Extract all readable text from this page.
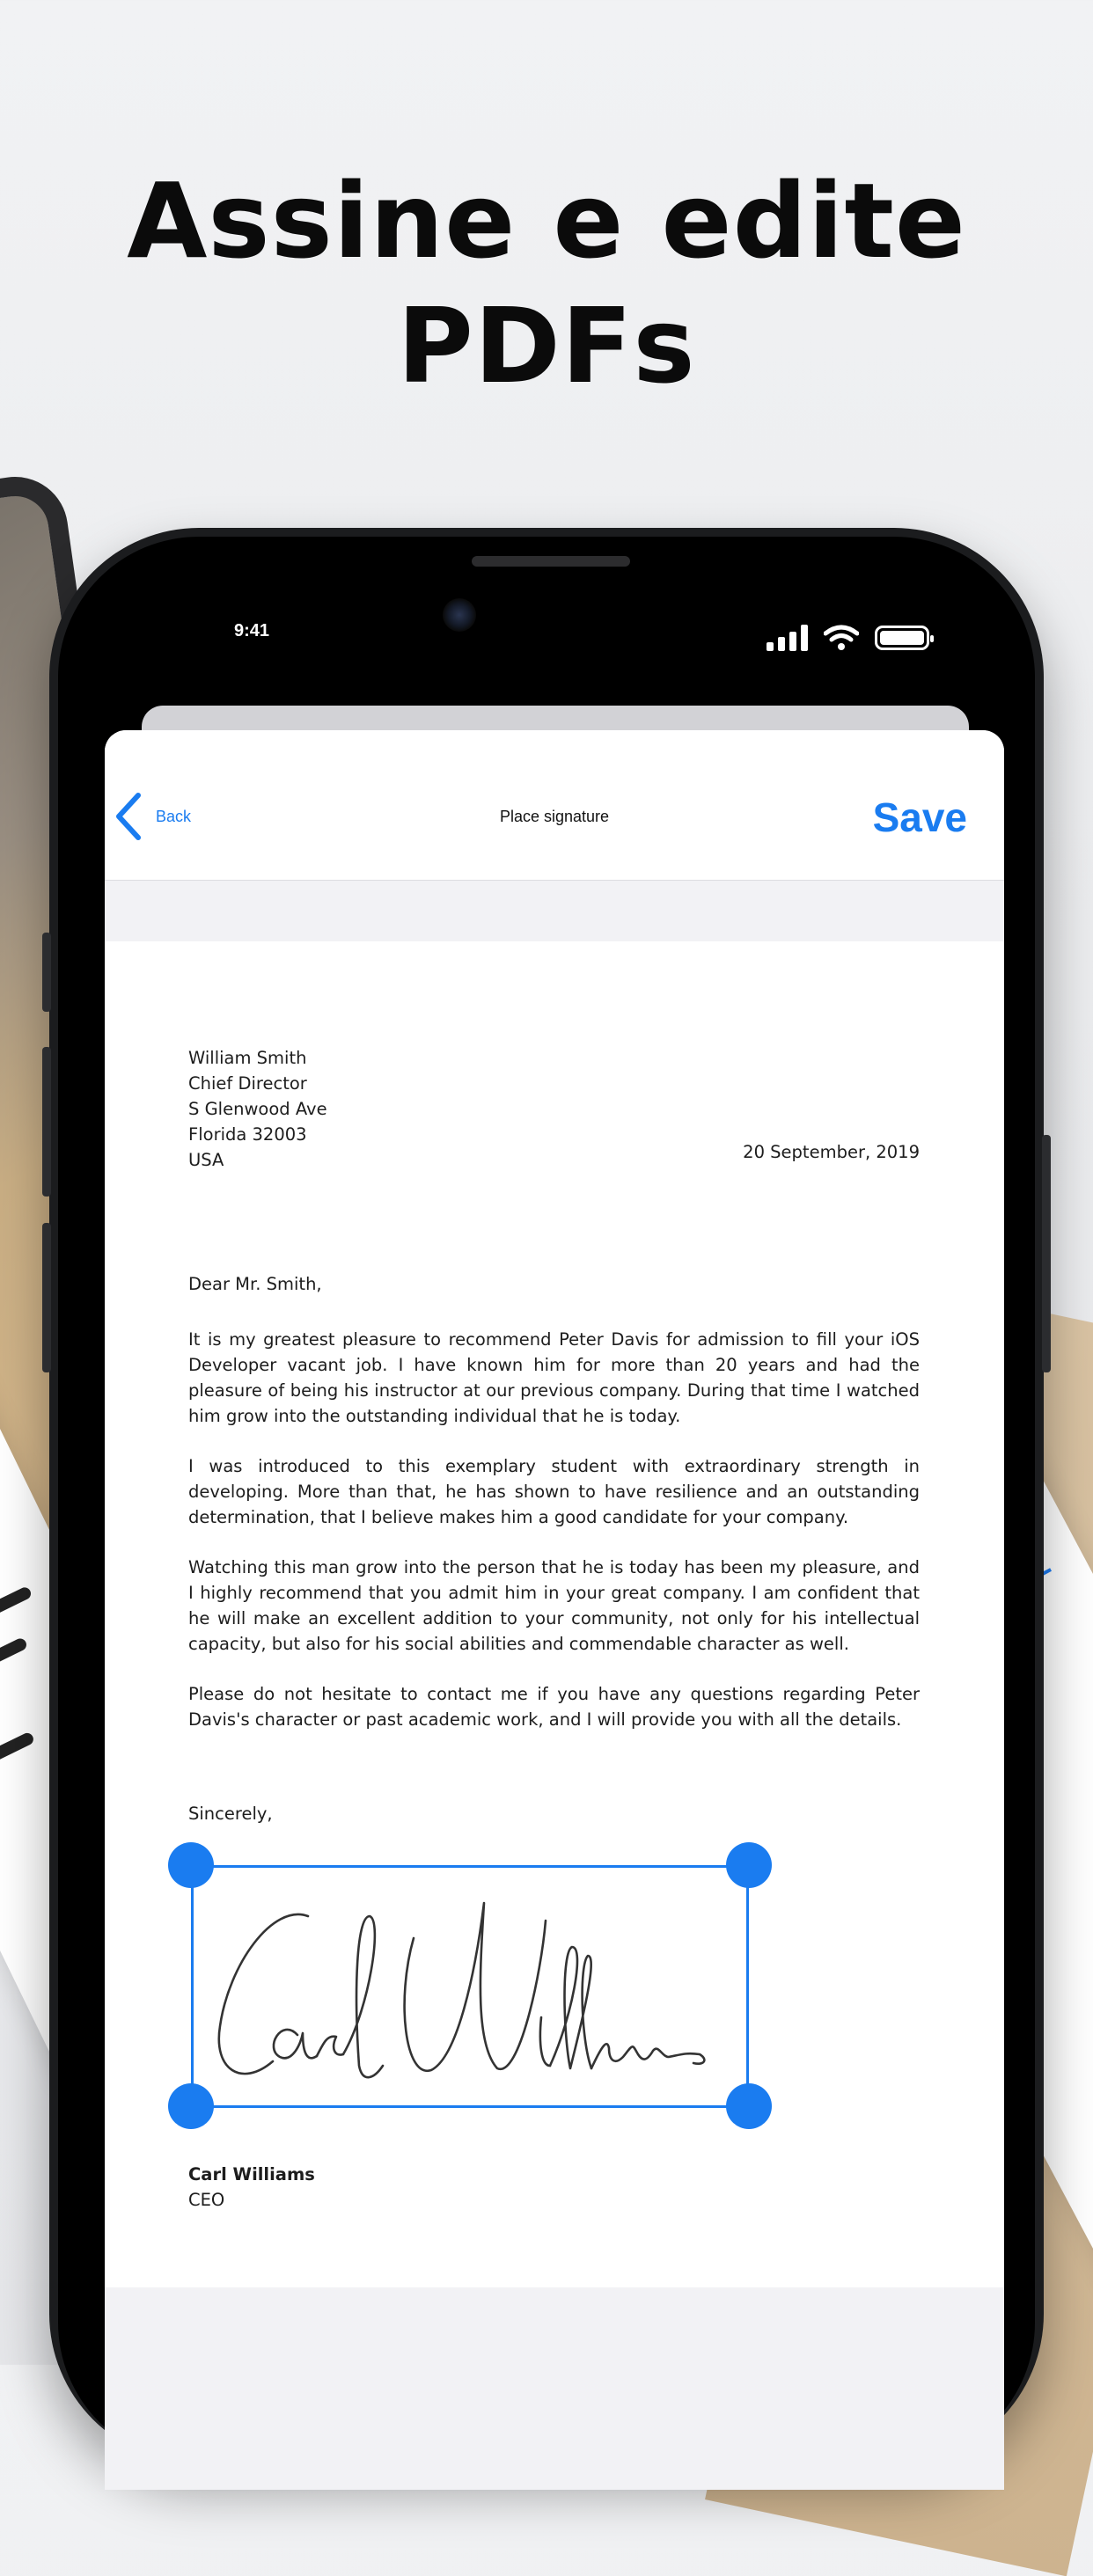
Assine e edite
PDFs
9:41
Back	Place signature	Save
William Smith
Chief Director
S Glenwood Ave
Florida 32003
USA	20 September, 2019
Dear Mr. Smith,

It is my greatest pleasure to recommend Peter Davis for admission to fill your iOS Developer vacant job. I have known him for more than 20 years and had the pleasure of being his instructor at our previous company. During that time I watched him grow into the outstanding individual that he is today.

I was introduced to this exemplary student with extraordinary strength in developing. More than that, he has shown to have resilience and an outstanding determination, that I believe makes him a good candidate for your company.

Watching this man grow into the person that he is today has been my pleasure, and I highly recommend that you admit him in your great company. I am confident that he will make an excellent addition to your community, not only for his intellectual capacity, but also for his social abilities and commendable character as well.

Please do not hesitate to contact me if you have any questions regarding Peter Davis's character or past academic work, and I will provide you with all the details.

Sincerely,
Carl Williams
CEO
